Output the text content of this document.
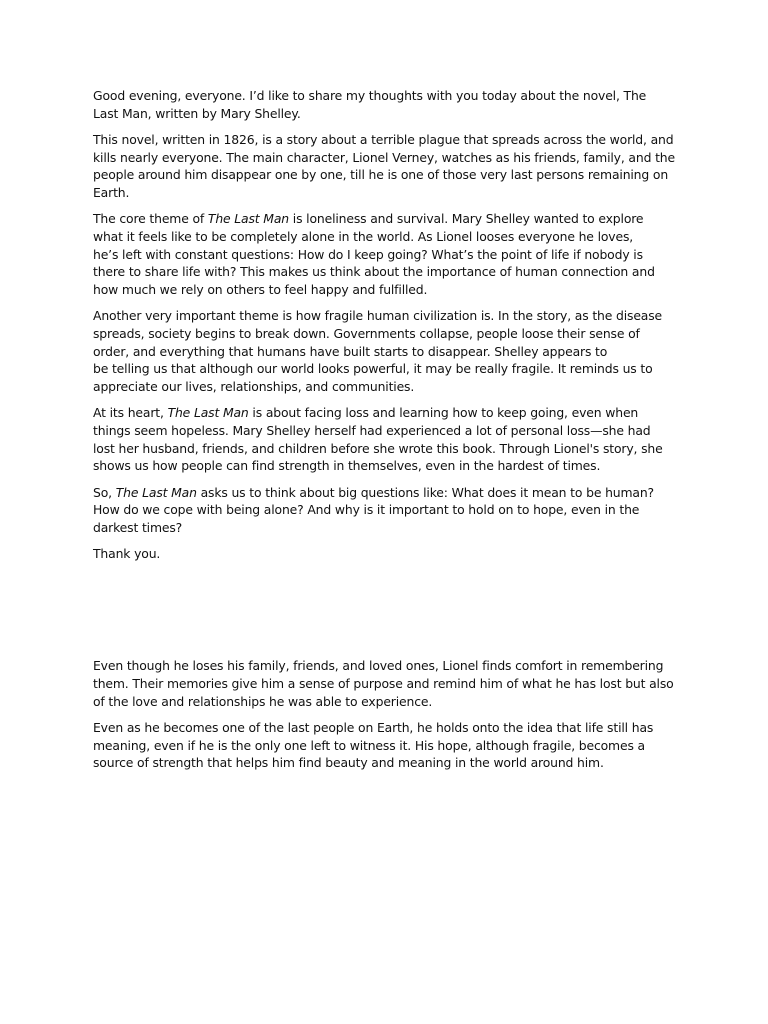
Good evening, everyone. I’d like to share my thoughts with you today about the novel, The Last Man, written by Mary Shelley.

This novel, written in 1826, is a story about a terrible plague that spreads across the world, and kills nearly everyone. The main character, Lionel Verney, watches as his friends, family, and the people around him disappear one by one, till he is one of those very last persons remaining on Earth.

The core theme of The Last Man is loneliness and survival. Mary Shelley wanted to explore what it feels like to be completely alone in the world. As Lionel looses everyone he loves,
he’s left with constant questions: How do I keep going? What’s the point of life if nobody is there to share life with? This makes us think about the importance of human connection and how much we rely on others to feel happy and fulfilled.

Another very important theme is how fragile human civilization is. In the story, as the disease spreads, society begins to break down. Governments collapse, people loose their sense of order, and everything that humans have built starts to disappear. Shelley appears to
be telling us that although our world looks powerful, it may be really fragile. It reminds us to appreciate our lives, relationships, and communities.

At its heart, The Last Man is about facing loss and learning how to keep going, even when things seem hopeless. Mary Shelley herself had experienced a lot of personal loss—she had lost her husband, friends, and children before she wrote this book. Through Lionel's story, she shows us how people can find strength in themselves, even in the hardest of times.

So, The Last Man asks us to think about big questions like: What does it mean to be human? How do we cope with being alone? And why is it important to hold on to hope, even in the darkest times?

Thank you.

Even though he loses his family, friends, and loved ones, Lionel finds comfort in remembering them. Their memories give him a sense of purpose and remind him of what he has lost but also of the love and relationships he was able to experience.

Even as he becomes one of the last people on Earth, he holds onto the idea that life still has meaning, even if he is the only one left to witness it. His hope, although fragile, becomes a source of strength that helps him find beauty and meaning in the world around him.
